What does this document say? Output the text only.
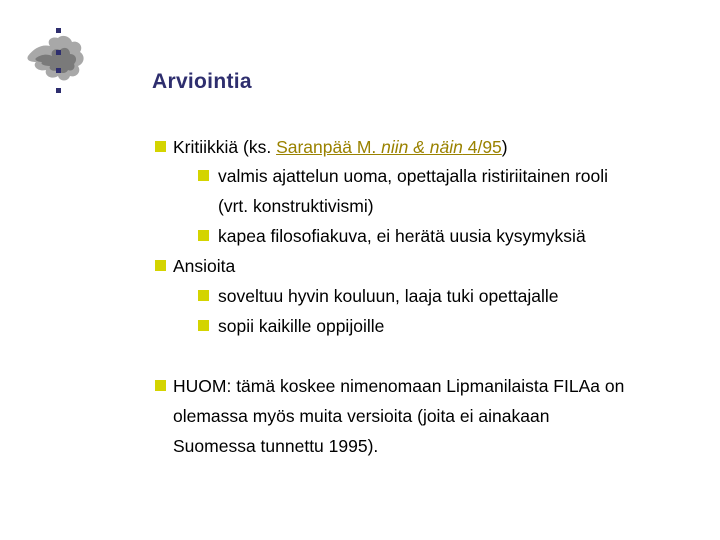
Arviointia
Kritiikkiä (ks. Saranpää M. niin & näin 4/95)
valmis ajattelun uoma, opettajalla ristiriitainen rooli
(vrt. konstruktivismi)
kapea filosofiakuva, ei herätä uusia kysymyksiä
Ansioita
soveltuu hyvin kouluun, laaja tuki opettajalle
sopii kaikille oppijoille
HUOM: tämä koskee nimenomaan Lipmanilaista FILAa on
olemassa myös muita versioita (joita ei ainakaan
Suomessa tunnettu 1995).
